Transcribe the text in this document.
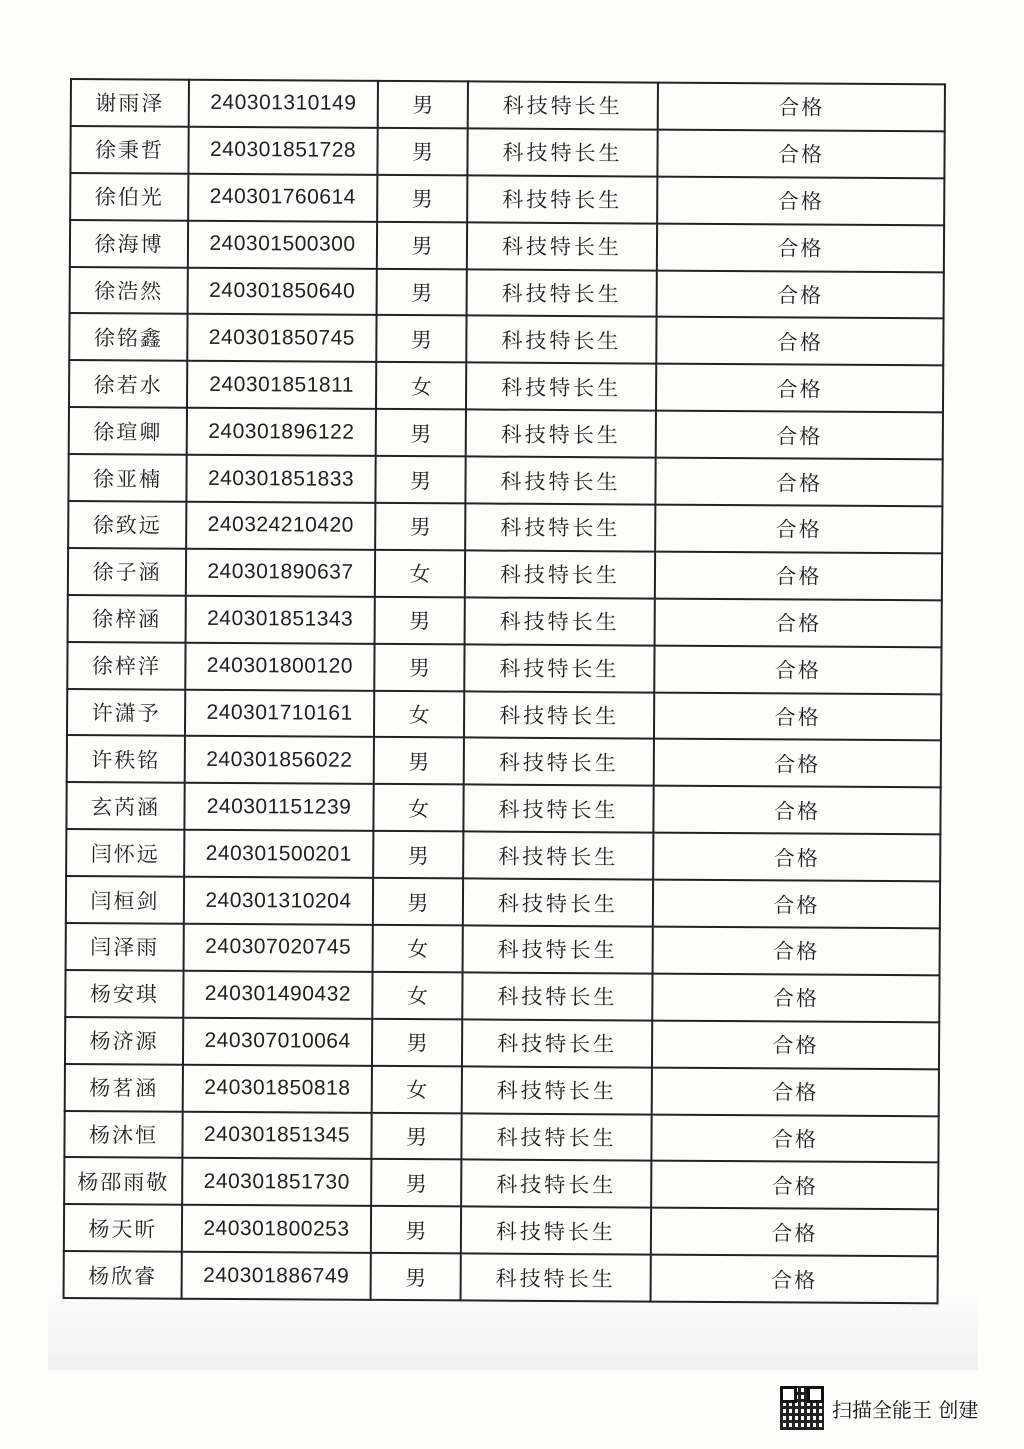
谢雨泽	240301310149	男	科技特长生	合格
徐秉哲	240301851728	男	科技特长生	合格
徐伯光	240301760614	男	科技特长生	合格
徐海博	240301500300	男	科技特长生	合格
徐浩然	240301850640	男	科技特长生	合格
徐铭鑫	240301850745	男	科技特长生	合格
徐若水	240301851811	女	科技特长生	合格
徐瑄卿	240301896122	男	科技特长生	合格
徐亚楠	240301851833	男	科技特长生	合格
徐致远	240324210420	男	科技特长生	合格
徐子涵	240301890637	女	科技特长生	合格
徐梓涵	240301851343	男	科技特长生	合格
徐梓洋	240301800120	男	科技特长生	合格
许潇予	240301710161	女	科技特长生	合格
许秩铭	240301856022	男	科技特长生	合格
玄芮涵	240301151239	女	科技特长生	合格
闫怀远	240301500201	男	科技特长生	合格
闫桓剑	240301310204	男	科技特长生	合格
闫泽雨	240307020745	女	科技特长生	合格
杨安琪	240301490432	女	科技特长生	合格
杨济源	240307010064	男	科技特长生	合格
杨茗涵	240301850818	女	科技特长生	合格
杨沐恒	240301851345	男	科技特长生	合格
杨邵雨敬	240301851730	男	科技特长生	合格
杨天昕	240301800253	男	科技特长生	合格
杨欣睿	240301886749	男	科技特长生	合格
扫描全能王 创建
